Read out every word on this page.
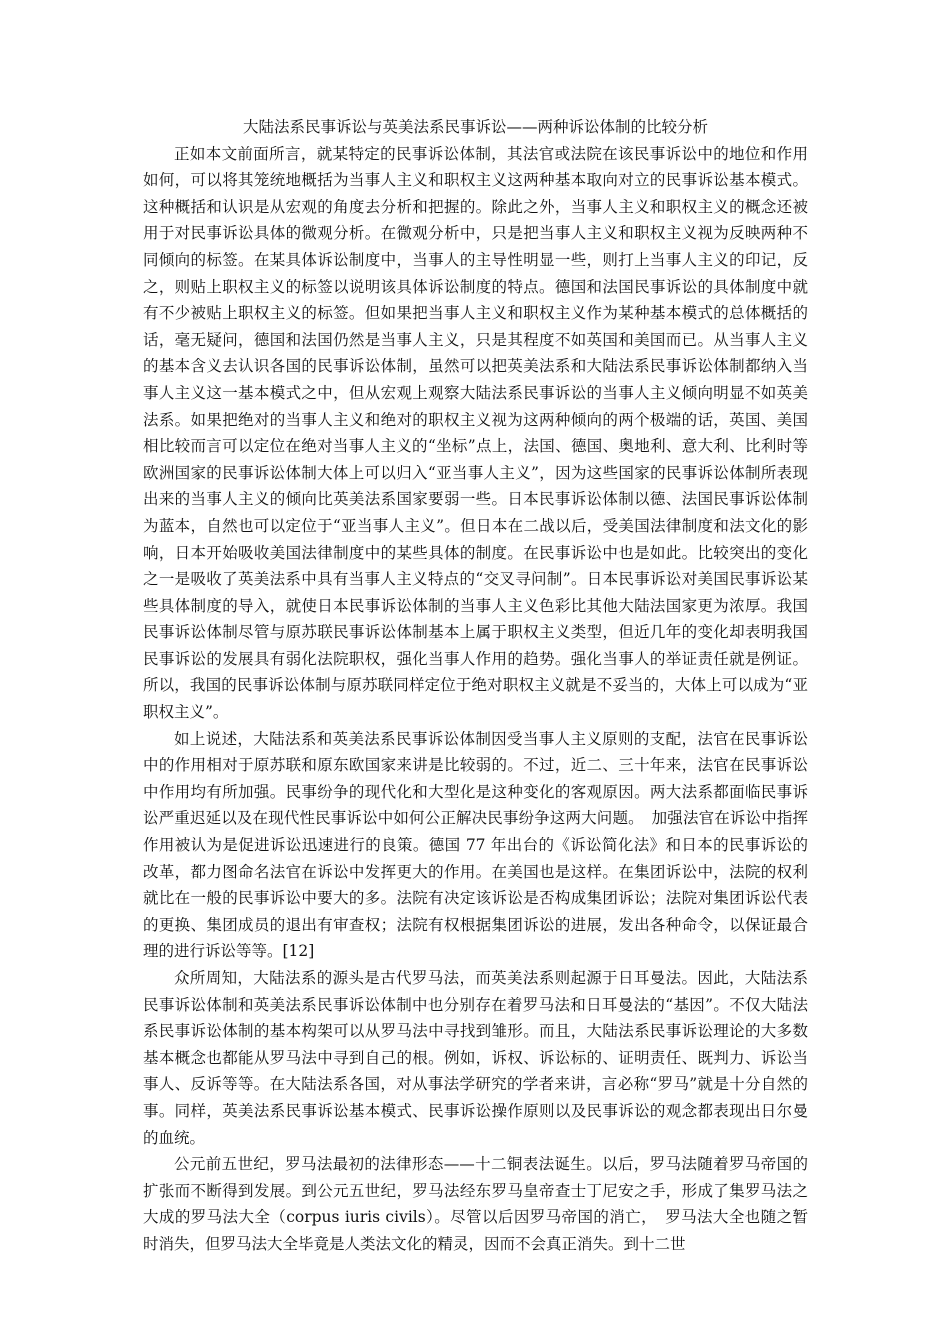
大陆法系民事诉讼与英美法系民事诉讼——两种诉讼体制的比较分析

正如本文前面所言，就某特定的民事诉讼体制，其法官或法院在该民事诉讼中的地位和作用如何，可以将其笼统地概括为当事人主义和职权主义这两种基本取向对立的民事诉讼基本模式。这种概括和认识是从宏观的角度去分析和把握的。除此之外，当事人主义和职权主义的概念还被用于对民事诉讼具体的微观分析。在微观分析中，只是把当事人主义和职权主义视为反映两种不同倾向的标签。在某具体诉讼制度中，当事人的主导性明显一些，则打上当事人主义的印记，反之，则贴上职权主义的标签以说明该具体诉讼制度的特点。德国和法国民事诉讼的具体制度中就有不少被贴上职权主义的标签。但如果把当事人主义和职权主义作为某种基本模式的总体概括的话，毫无疑问，德国和法国仍然是当事人主义，只是其程度不如英国和美国而已。从当事人主义的基本含义去认识各国的民事诉讼体制，虽然可以把英美法系和大陆法系民事诉讼体制都纳入当事人主义这一基本模式之中，但从宏观上观察大陆法系民事诉讼的当事人主义倾向明显不如英美法系。如果把绝对的当事人主义和绝对的职权主义视为这两种倾向的两个极端的话，英国、美国相比较而言可以定位在绝对当事人主义的“坐标”点上，法国、德国、奥地利、意大利、比利时等欧洲国家的民事诉讼体制大体上可以归入“亚当事人主义”，因为这些国家的民事诉讼体制所表现出来的当事人主义的倾向比英美法系国家要弱一些。日本民事诉讼体制以德、法国民事诉讼体制为蓝本，自然也可以定位于“亚当事人主义”。但日本在二战以后，受美国法律制度和法文化的影响，日本开始吸收美国法律制度中的某些具体的制度。在民事诉讼中也是如此。比较突出的变化之一是吸收了英美法系中具有当事人主义特点的“交叉寻问制”。日本民事诉讼对美国民事诉讼某些具体制度的导入，就使日本民事诉讼体制的当事人主义色彩比其他大陆法国家更为浓厚。我国民事诉讼体制尽管与原苏联民事诉讼体制基本上属于职权主义类型，但近几年的变化却表明我国民事诉讼的发展具有弱化法院职权，强化当事人作用的趋势。强化当事人的举证责任就是例证。所以，我国的民事诉讼体制与原苏联同样定位于绝对职权主义就是不妥当的，大体上可以成为“亚职权主义”。

如上说述，大陆法系和英美法系民事诉讼体制因受当事人主义原则的支配，法官在民事诉讼中的作用相对于原苏联和原东欧国家来讲是比较弱的。不过，近二、三十年来，法官在民事诉讼中作用均有所加强。民事纷争的现代化和大型化是这种变化的客观原因。两大法系都面临民事诉讼严重迟延以及在现代性民事诉讼中如何公正解决民事纷争这两大问题。　加强法官在诉讼中指挥作用被认为是促进诉讼迅速进行的良策。德国 77 年出台的《诉讼简化法》和日本的民事诉讼的改革，都力图命名法官在诉讼中发挥更大的作用。在美国也是这样。在集团诉讼中，法院的权利就比在一般的民事诉讼中要大的多。法院有决定该诉讼是否构成集团诉讼；法院对集团诉讼代表的更换、集团成员的退出有审查权；法院有权根据集团诉讼的进展，发出各种命令，以保证最合理的进行诉讼等等。[12]

众所周知，大陆法系的源头是古代罗马法，而英美法系则起源于日耳曼法。因此，大陆法系民事诉讼体制和英美法系民事诉讼体制中也分别存在着罗马法和日耳曼法的“基因”。不仅大陆法系民事诉讼体制的基本构架可以从罗马法中寻找到雏形。而且，大陆法系民事诉讼理论的大多数基本概念也都能从罗马法中寻到自己的根。例如，诉权、诉讼标的、证明责任、既判力、诉讼当事人、反诉等等。在大陆法系各国，对从事法学研究的学者来讲，言必称“罗马”就是十分自然的事。同样，英美法系民事诉讼基本模式、民事诉讼操作原则以及民事诉讼的观念都表现出日尔曼的血统。

公元前五世纪，罗马法最初的法律形态——十二铜表法诞生。以后，罗马法随着罗马帝国的扩张而不断得到发展。到公元五世纪，罗马法经东罗马皇帝查士丁尼安之手，形成了集罗马法之大成的罗马法大全（corpus iuris civils）。尽管以后因罗马帝国的消亡，　罗马法大全也随之暂时消失，但罗马法大全毕竟是人类法文化的精灵，因而不会真正消失。到十二世
